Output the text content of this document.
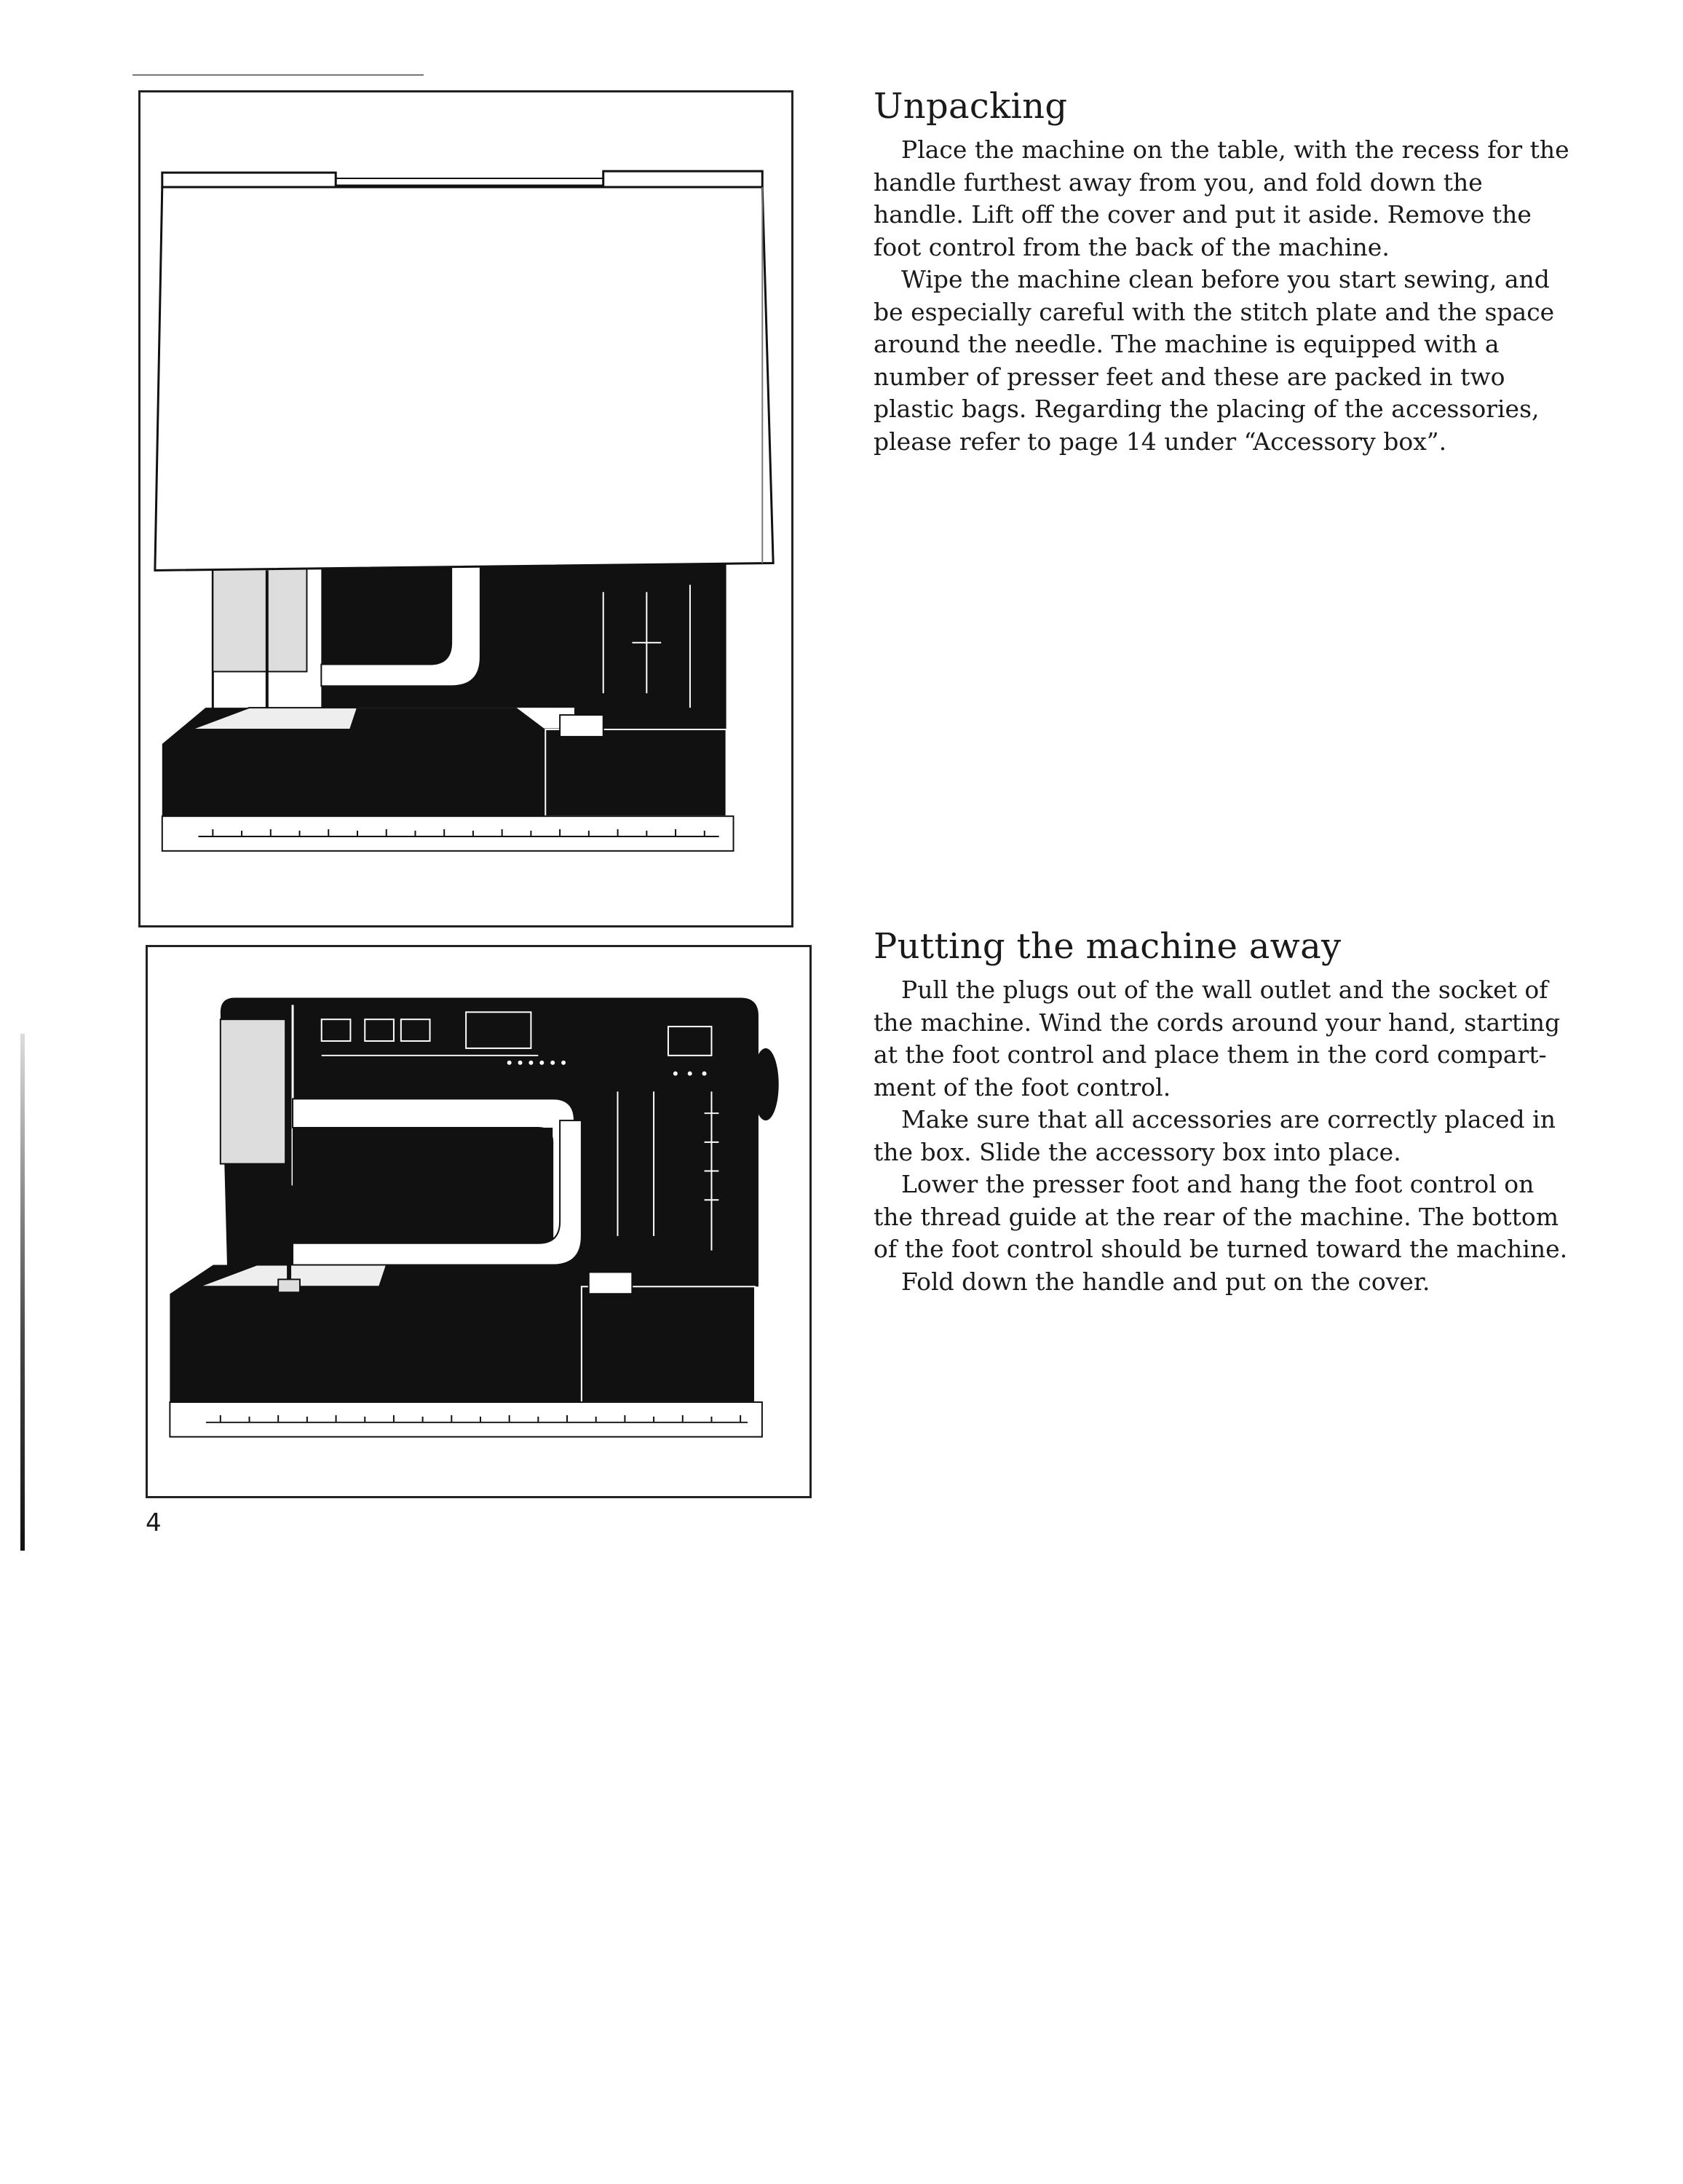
Unpacking

Place the machine on the table, with the recess for the handle furthest away from you, and fold down the handle. Lift off the cover and put it aside. Remove the foot control from the back of the machine.

Wipe the machine clean before you start sewing, and be especially careful with the stitch plate and the space around the needle. The machine is equipped with a number of presser feet and these are packed in two plastic bags. Regarding the placing of the accessories, please refer to page 14 under “Accessory box”.

Putting the machine away

Pull the plugs out of the wall outlet and the socket of the machine. Wind the cords around your hand, starting at the foot control and place them in the cord compartment of the foot control.

Make sure that all accessories are correctly placed in the box. Slide the accessory box into place.

Lower the presser foot and hang the foot control on the thread guide at the rear of the machine. The bottom of the foot control should be turned toward the machine.

Fold down the handle and put on the cover.

4
